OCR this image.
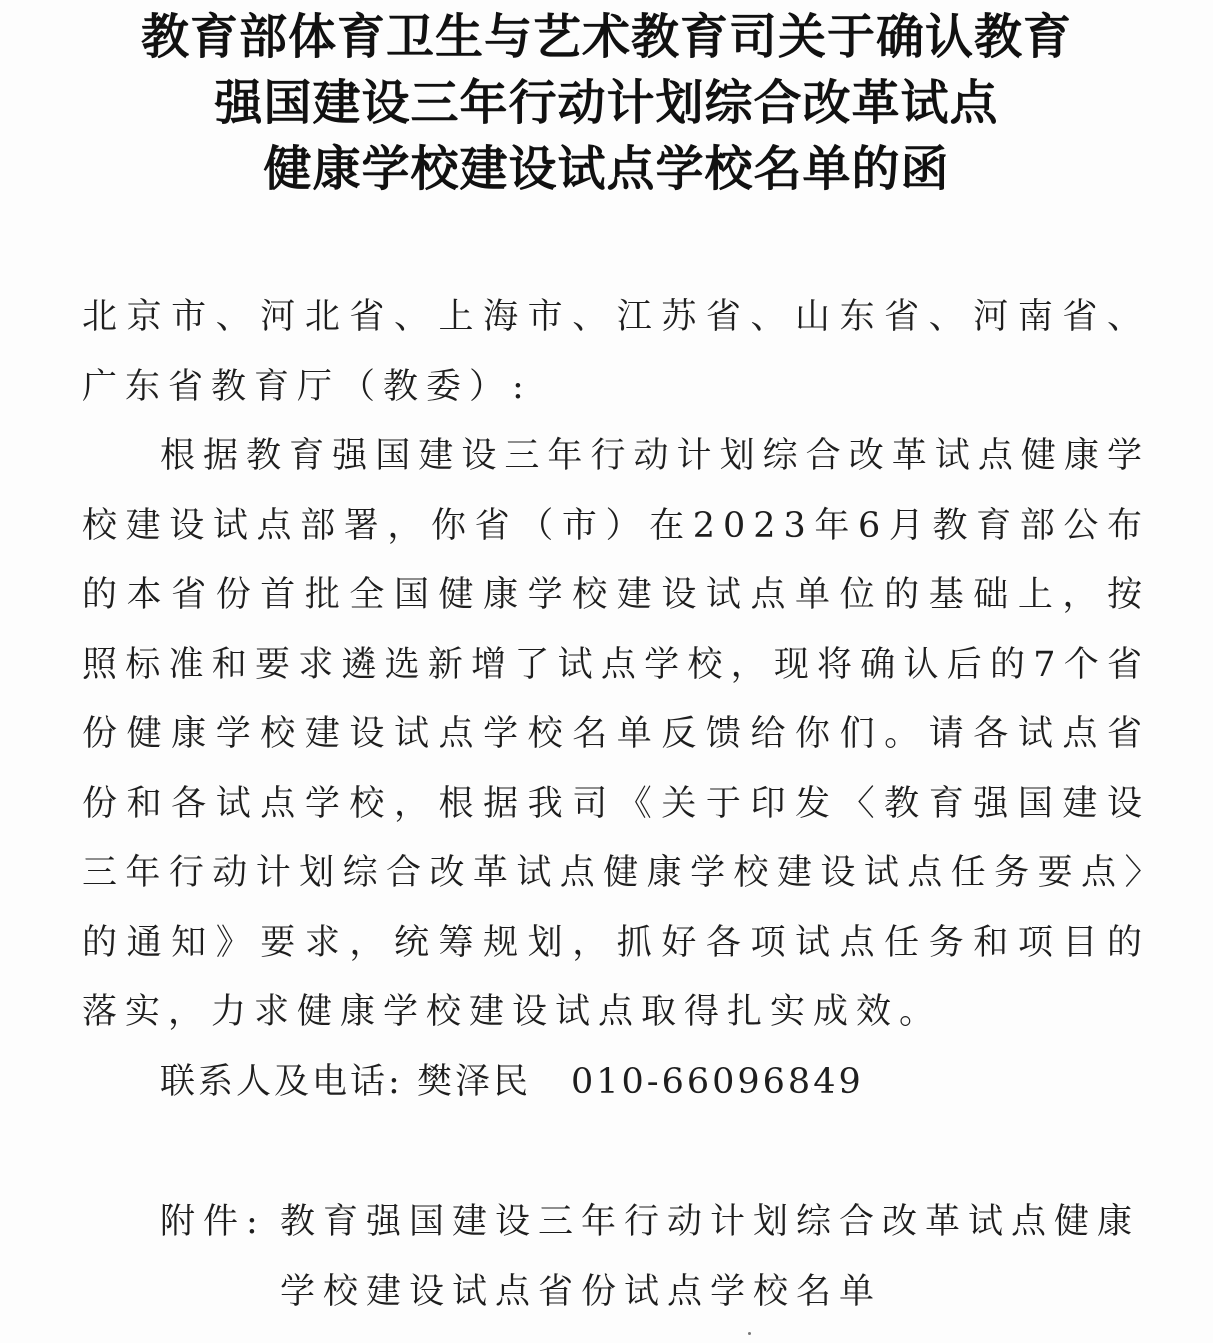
教育部体育卫生与艺术教育司关于确认教育
强国建设三年行动计划综合改革试点
健康学校建设试点学校名单的函

北京市、河北省、上海市、江苏省、山东省、河南省、广东省教育厅（教委）:

根据教育强国建设三年行动计划综合改革试点健康学校建设试点部署，你省（市）在2023年6月教育部公布的本省份首批全国健康学校建设试点单位的基础上，按照标准和要求遴选新增了试点学校，现将确认后的7个省份健康学校建设试点学校名单反馈给你们。请各试点省份和各试点学校，根据我司《关于印发〈教育强国建设三年行动计划综合改革试点健康学校建设试点任务要点〉的通知》要求，统筹规划，抓好各项试点任务和项目的落实，力求健康学校建设试点取得扎实成效。

联系人及电话: 樊泽民 010-66096849
附件: 教育强国建设三年行动计划综合改革试点健康学校建设试点省份试点学校名单
